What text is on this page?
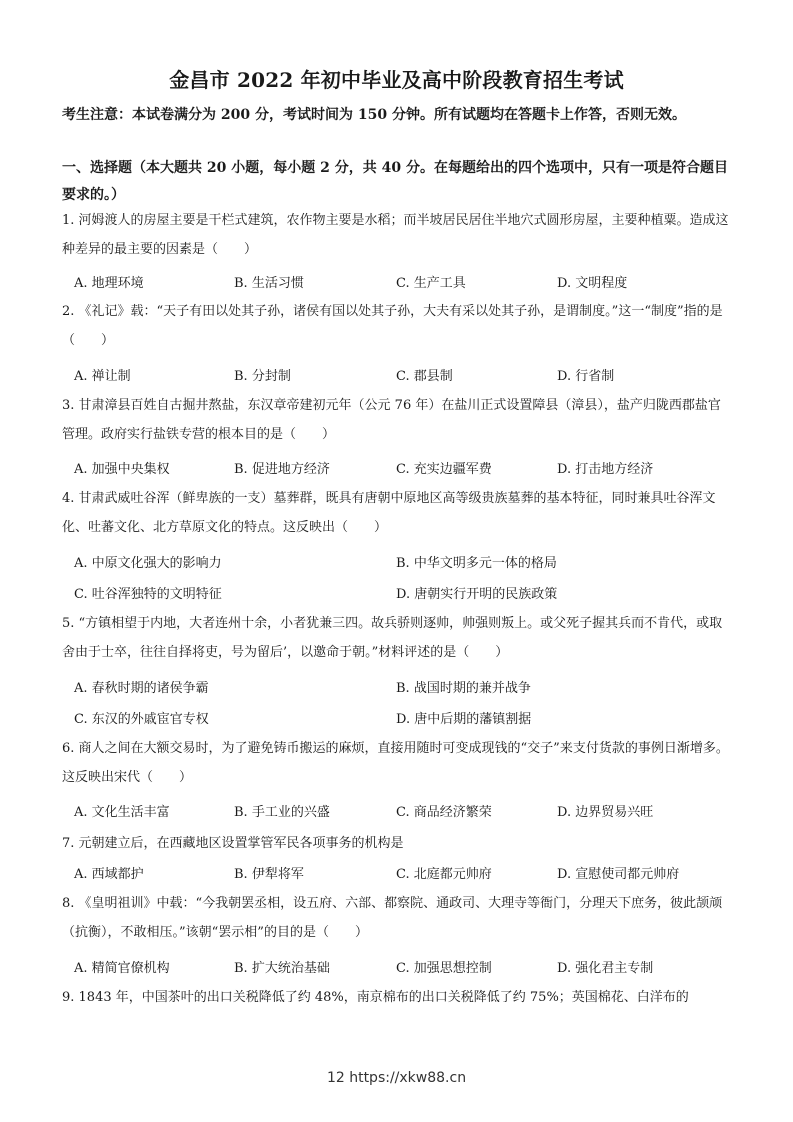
金昌市 2022 年初中毕业及高中阶段教育招生考试
考生注意：本试卷满分为 200 分，考试时间为 150 分钟。所有试题均在答题卡上作答，否则无效。
一、选择题（本大题共 20 小题，每小题 2 分，共 40 分。在每题给出的四个选项中，只有一项是符合题目要求的。）
1. 河姆渡人的房屋主要是干栏式建筑，农作物主要是水稻；而半坡居民居住半地穴式圆形房屋，主要种植粟。造成这种差异的最主要的因素是（　　）
A. 地理环境	B. 生活习惯	C. 生产工具	D. 文明程度
2. 《礼记》载：“天子有田以处其子孙，诸侯有国以处其子孙，大夫有采以处其子孙，是谓制度。”这一“制度”指的是（　　）
A. 禅让制	B. 分封制	C. 郡县制	D. 行省制
3. 甘肃漳县百姓自古掘井熬盐，东汉章帝建初元年（公元 76 年）在盐川正式设置障县（漳县），盐产归陇西郡盐官管理。政府实行盐铁专营的根本目的是（　　）
A. 加强中央集权	B. 促进地方经济	C. 充实边疆军费	D. 打击地方经济
4. 甘肃武威吐谷浑（鲜卑族的一支）墓葬群，既具有唐朝中原地区高等级贵族墓葬的基本特征，同时兼具吐谷浑文化、吐蕃文化、北方草原文化的特点。这反映出（　　）
A. 中原文化强大的影响力	B. 中华文明多元一体的格局
C. 吐谷浑独特的文明特征	D. 唐朝实行开明的民族政策
5. “方镇相望于内地，大者连州十余，小者犹兼三四。故兵骄则逐帅，帅强则叛上。或父死子握其兵而不肯代，或取舍由于士卒，往往自择将吏，号为留后’，以邀命于朝。”材料评述的是（　　）
A. 春秋时期的诸侯争霸	B. 战国时期的兼并战争
C. 东汉的外戚宦官专权	D. 唐中后期的藩镇割据
6. 商人之间在大额交易时，为了避免铸币搬运的麻烦，直接用随时可变成现钱的“交子”来支付货款的事例日渐增多。这反映出宋代（　　）
A. 文化生活丰富	B. 手工业的兴盛	C. 商品经济繁荣	D. 边界贸易兴旺
7. 元朝建立后，在西藏地区设置掌管军民各项事务的机构是
A. 西域都护	B. 伊犁将军	C. 北庭都元帅府	D. 宣慰使司都元帅府
8. 《皇明祖训》中载：“今我朝罢丞相，设五府、六部、都察院、通政司、大理寺等衙门，分理天下庶务，彼此颉颃（抗衡），不敢相压。”该朝“罢示相”的目的是（　　）
A. 精简官僚机构	B. 扩大统治基础	C. 加强思想控制	D. 强化君主专制
9. 1843 年，中国茶叶的出口关税降低了约 48%，南京棉布的出口关税降低了约 75%；英国棉花、白洋布的
12 https://xkw88.cn
